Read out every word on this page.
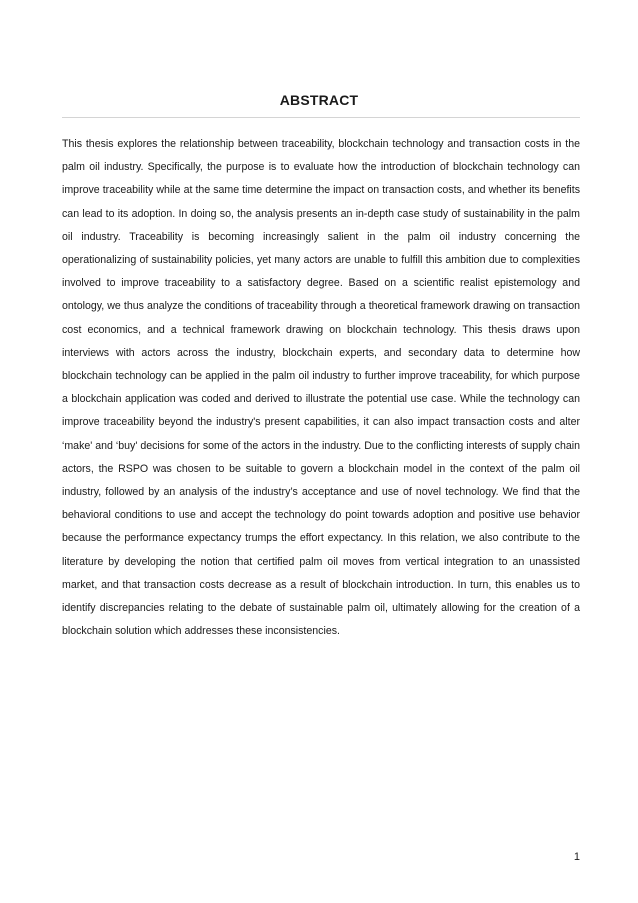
ABSTRACT

This thesis explores the relationship between traceability, blockchain technology and transaction costs in the palm oil industry. Specifically, the purpose is to evaluate how the introduction of blockchain technology can improve traceability while at the same time determine the impact on transaction costs, and whether its benefits can lead to its adoption. In doing so, the analysis presents an in-depth case study of sustainability in the palm oil industry. Traceability is becoming increasingly salient in the palm oil industry concerning the operationalizing of sustainability policies, yet many actors are unable to fulfill this ambition due to complexities involved to improve traceability to a satisfactory degree. Based on a scientific realist epistemology and ontology, we thus analyze the conditions of traceability through a theoretical framework drawing on transaction cost economics, and a technical framework drawing on blockchain technology. This thesis draws upon interviews with actors across the industry, blockchain experts, and secondary data to determine how blockchain technology can be applied in the palm oil industry to further improve traceability, for which purpose a blockchain application was coded and derived to illustrate the potential use case. While the technology can improve traceability beyond the industry's present capabilities, it can also impact transaction costs and alter ‘make' and ‘buy' decisions for some of the actors in the industry. Due to the conflicting interests of supply chain actors, the RSPO was chosen to be suitable to govern a blockchain model in the context of the palm oil industry, followed by an analysis of the industry’s acceptance and use of novel technology. We find that the behavioral conditions to use and accept the technology do point towards adoption and positive use behavior because the performance expectancy trumps the effort expectancy. In this relation, we also contribute to the literature by developing the notion that certified palm oil moves from vertical integration to an unassisted market, and that transaction costs decrease as a result of blockchain introduction. In turn, this enables us to identify discrepancies relating to the debate of sustainable palm oil, ultimately allowing for the creation of a blockchain solution which addresses these inconsistencies.

1
